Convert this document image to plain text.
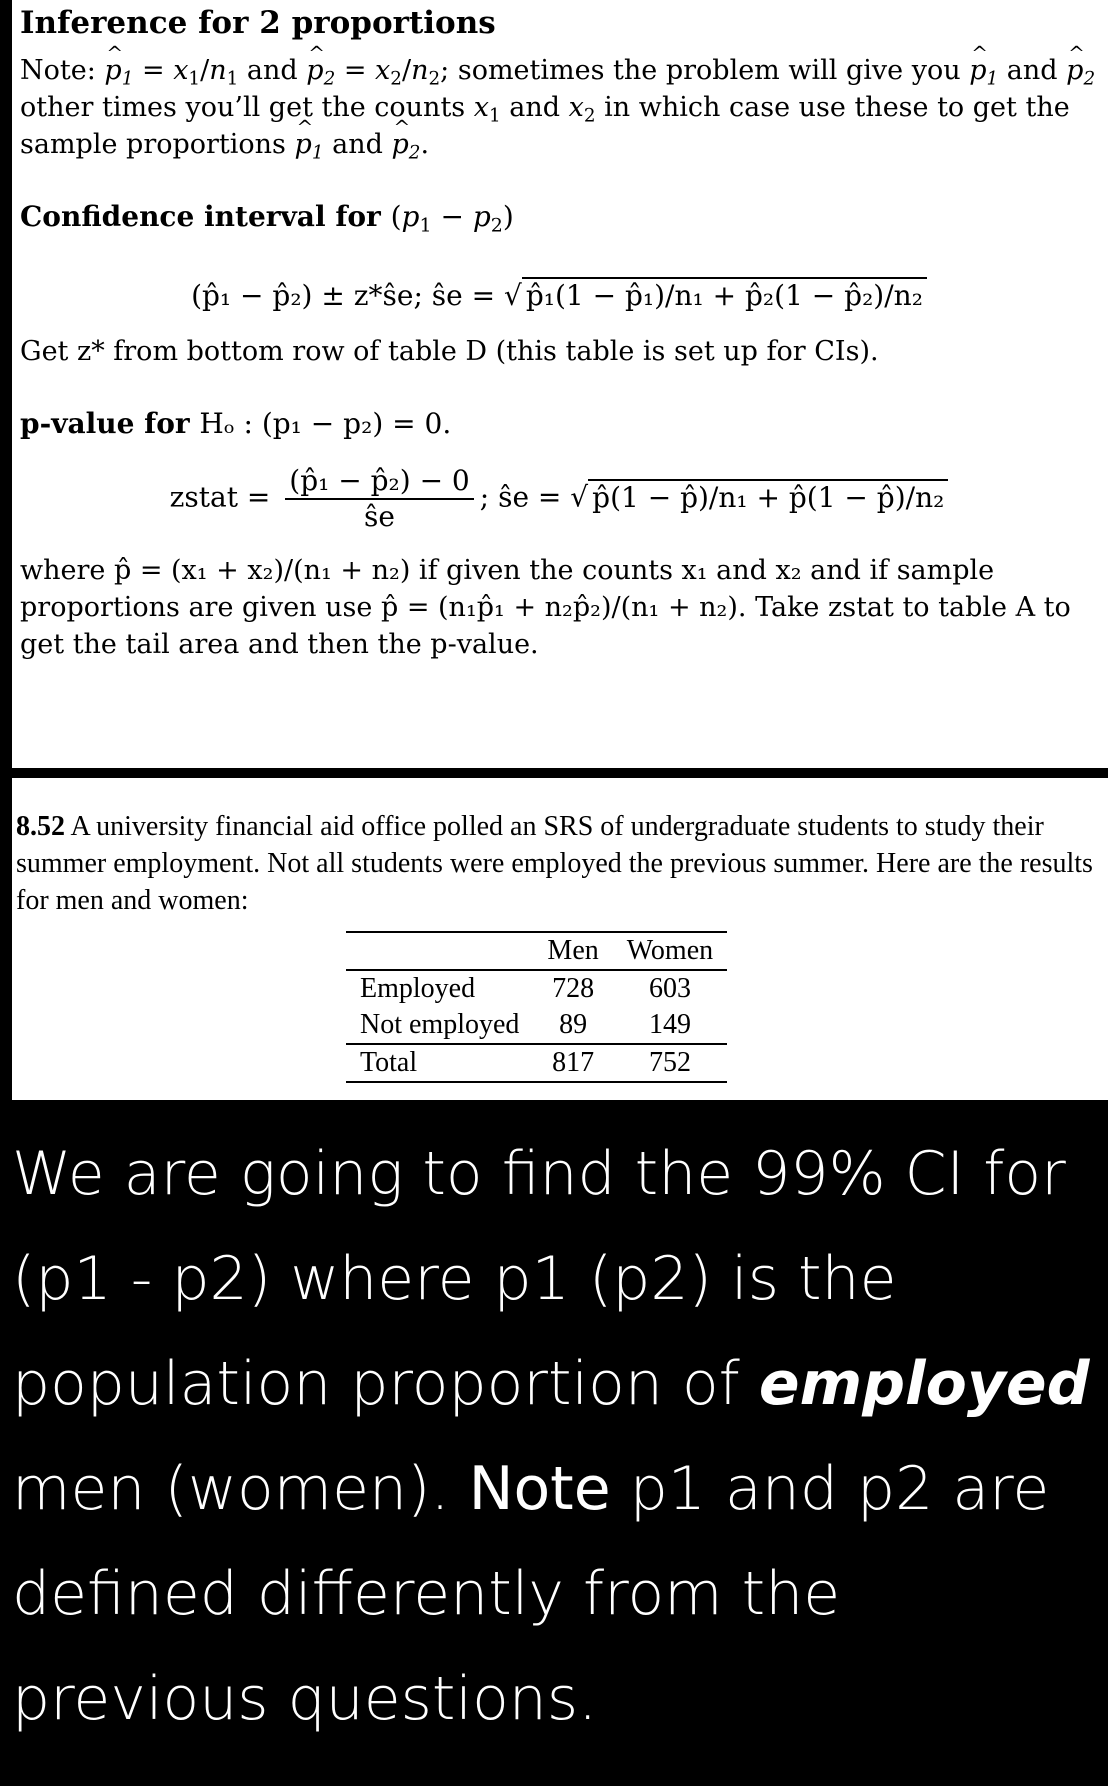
Inference for 2 proportions
Note: ^ $p_1 = x_1/n_1$ and ^ $p_2 = x_2/n_2$; sometimes the problem will give you ^ $p_1$ and ^ $p_2$ other times you’ll get the counts $x_1$ and $x_2$ in which case use these to get the sample proportions ^ $p_1$ and ^ $p_2$.
Confidence interval for $(p_1 - p_2)$
(p̂₁ − p̂₂) ± z*ŝe; ŝe = √ p̂₁(1 − p̂₁)/n₁ + p̂₂(1 − p̂₂)/n₂
Get z* from bottom row of table D (this table is set up for CIs).
p-value for Hₒ : (p₁ − p₂) = 0.
zstat = $\frac{\text{(p̂₁ − p̂₂) − 0}}{ŝe}$ ; ŝe = √ p̂(1 − p̂)/n₁ + p̂(1 − p̂)/n₂
where p̂ = (x₁ + x₂)/(n₁ + n₂) if given the counts x₁ and x₂ and if sample proportions are given use p̂ = (n₁p̂₁ + n₂p̂₂)/(n₁ + n₂). Take zstat to table A to get the tail area and then the p-value.
8.52 A university financial aid office polled an SRS of undergraduate students to study their summer employment. Not all students were employed the previous summer. Here are the results for men and women:
	Men	Women
Employed	728	603
Not employed	89	149
Total	817	752
We are going to find the 99% CI for (p1 - p2) where p1 (p2) is the population proportion of employed men (women). Note p1 and p2 are defined differently from the previous questions.
